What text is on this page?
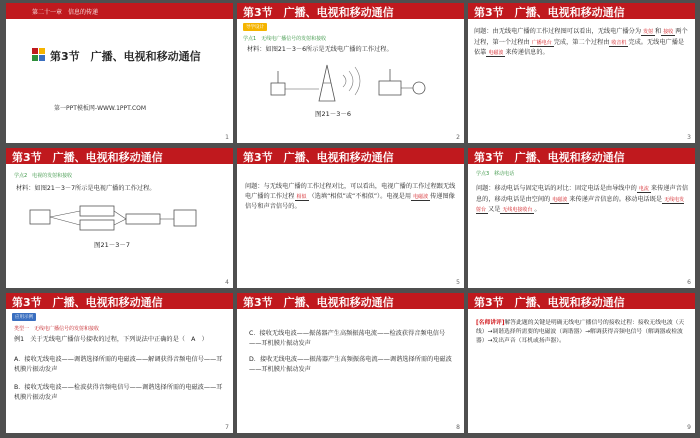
第二十一章　信息的传递
第3节　广播、电视和移动通信
第一PPT模板网-WWW.1PPT.COM
1
第3节　 广播、电视和移动通信
导学设计
学点1　无线电广播信号的发射和接收
材料：如图21－3－6所示是无线电广播的工作过程。
图21－3－6
2
第3节　 广播、电视和移动通信
问题：由无线电广播的工作过程图可以看出，无线电广播分为 发射 和 接收 两个过程，第一个过程由 广播电台 完成，第二个过程由 收音机 完成。无线电广播是依靠 电磁波 来传递信息的。
3
第3节　 广播、电视和移动通信
学点2　电视的发射和接收
材料：如图21－3－7所示是电视广播的工作过程。
图21－3－7
4
第3节　 广播、电视和移动通信
问题：与无线电广播的工作过程对比，可以看出，电视广播的工作过程跟无线电广播的工作过程 相似 （选填“相似”或“不相似”）。电视是用 电磁波 传递图像信号和声音信号的。
5
第3节　 广播、电视和移动通信
学点3　移动电话
问题：移动电话与固定电话的对比：固定电话是由导线中的 电流 来传递声音信息的，移动电话是由空间的 电磁波 来传递声音信息的。移动电话既是 无线电发射台 又是 无线电接收台 。
6
第3节　 广播、电视和移动通信
应用示例
类型一　无线电广播信号的发射和接收
例1　关于无线电广播信号接收的过程，下列说法中正确的是（　A　）
A．接收无线电波——调谐选择所需的电磁波——解调获得音频电信号——耳机膜片振动发声
B．接收无线电波——检波获得音频电信号——调谐选择所需的电磁波——耳机膜片振动发声
7
第3节　 广播、电视和移动通信
C．接收无线电波——振荡器产生高频振荡电流——检波获得音频电信号——耳机膜片振动发声
D．接收无线电波——振荡器产生高频振荡电流——调谐选择所需的电磁波——耳机膜片振动发声
8
第3节　 广播、电视和移动通信
[名师讲评]解答此题的关键是明确无线电广播信号的接收过程：接收无线电波（天线）→调谐选择所需要的电磁波（调谐器）→解调获得音频电信号（解调器或检波器）→发出声音（耳机或扬声器）。
9
